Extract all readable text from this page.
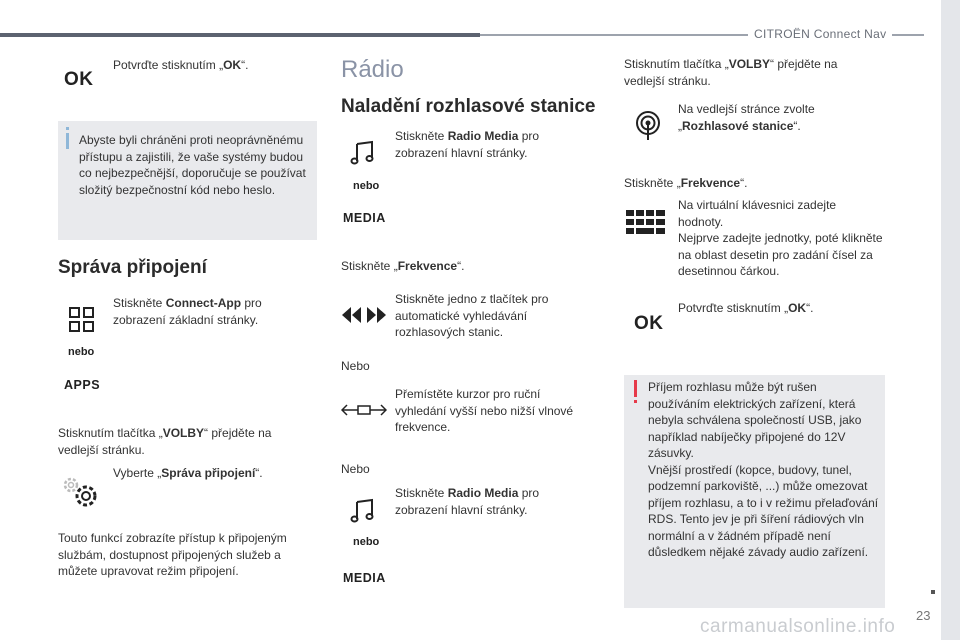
CITROËN Connect Nav
23
carmanualsonline.info
OK
Potvrďte stisknutím „OK“.
Abyste byli chráněni proti neoprávněnému přístupu a zajistili, že vaše systémy budou co nejbezpečnější, doporučuje se používat složitý bezpečnostní kód nebo heslo.
Správa připojení
Stiskněte Connect-App pro zobrazení základní stránky.
nebo
APPS
Stisknutím tlačítka „VOLBY“ přejděte na vedlejší stránku.
Vyberte „Správa připojení“.
Touto funkcí zobrazíte přístup k připojeným službám, dostupnost připojených služeb a můžete upravovat režim připojení.
Rádio
Naladění rozhlasové stanice
Stiskněte Radio Media pro zobrazení hlavní stránky.
nebo
MEDIA
Stiskněte „Frekvence“.
Stiskněte jedno z tlačítek pro automatické vyhledávání rozhlasových stanic.
Nebo
Přemístěte kurzor pro ruční vyhledání vyšší nebo nižší vlnové frekvence.
Nebo
Stiskněte Radio Media pro zobrazení hlavní stránky.
nebo
MEDIA
Stisknutím tlačítka „VOLBY“ přejděte na vedlejší stránku.
Na vedlejší stránce zvolte „Rozhlasové stanice“.
Stiskněte „Frekvence“.
Na virtuální klávesnici zadejte hodnoty.
Nejprve zadejte jednotky, poté klikněte na oblast desetin pro zadání čísel za desetinnou čárkou.
OK
Potvrďte stisknutím „OK“.
Příjem rozhlasu může být rušen používáním elektrických zařízení, která nebyla schválena společností USB, jako například nabíječky připojené do 12V zásuvky.
Vnější prostředí (kopce, budovy, tunel, podzemní parkoviště, ...) může omezovat příjem rozhlasu, a to i v režimu přelaďování RDS. Tento jev je při šíření rádiových vln normální a v žádném případě není důsledkem nějaké závady audio zařízení.
